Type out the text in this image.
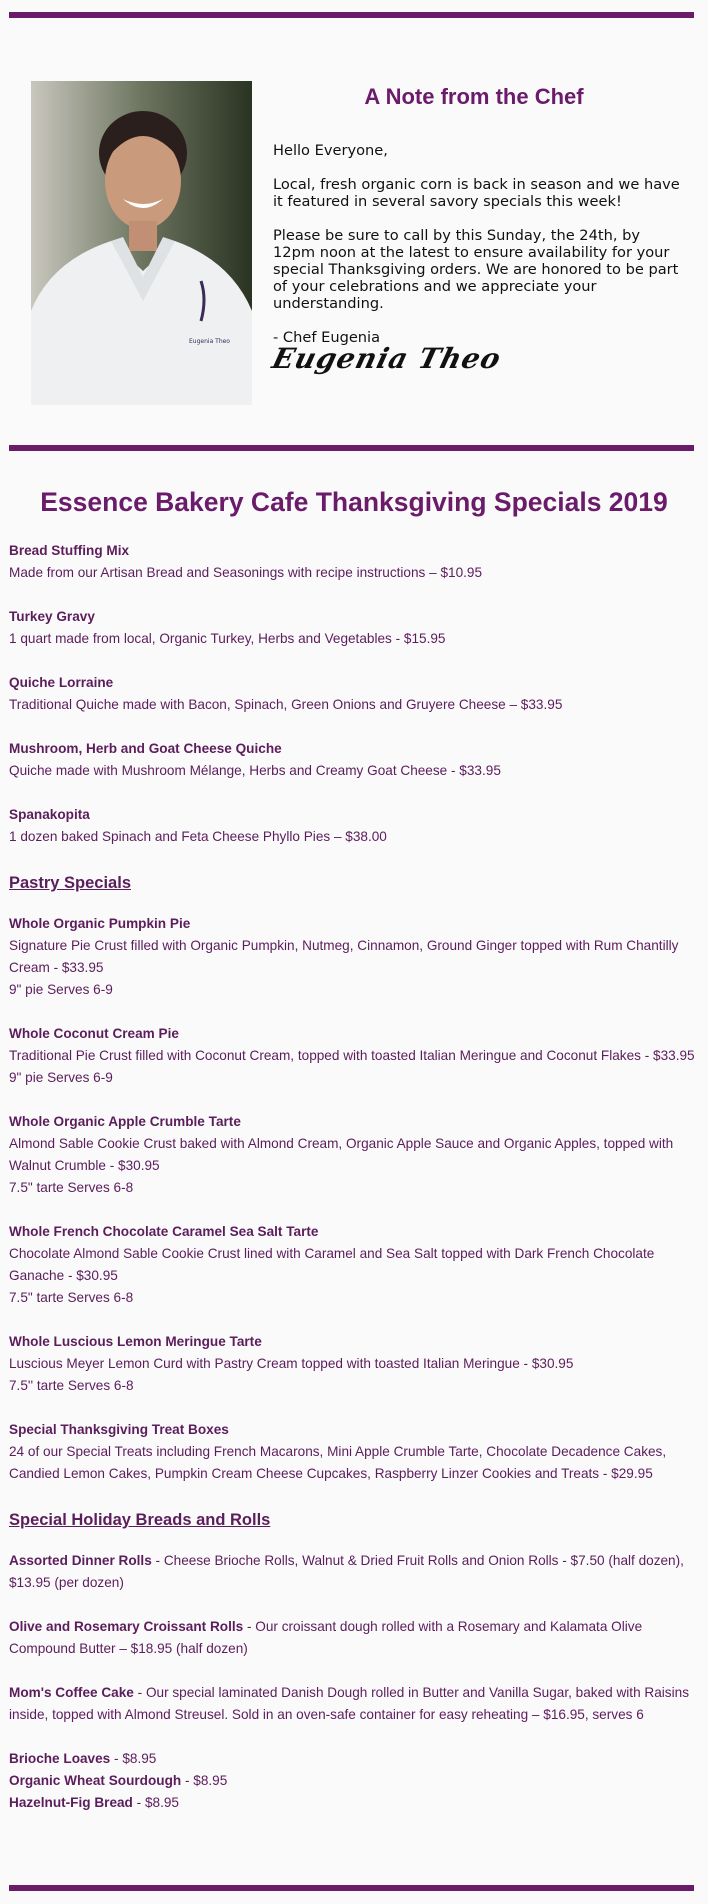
Eugenia Theo
A Note from the Chef

Hello Everyone,

Local, fresh organic corn is back in season and we have it featured in several savory specials this week!

Please be sure to call by this Sunday, the 24th, by 12pm noon at the latest to ensure availability for your special Thanksgiving orders. We are honored to be part of your celebrations and we appreciate your understanding.

- Chef Eugenia

Eugenia Theo
Essence Bakery Cafe Thanksgiving Specials 2019
Bread Stuffing Mix
Made from our Artisan Bread and Seasonings with recipe instructions – $10.95
Turkey Gravy
1 quart made from local, Organic Turkey, Herbs and Vegetables - $15.95
Quiche Lorraine
Traditional Quiche made with Bacon, Spinach, Green Onions and Gruyere Cheese – $33.95
Mushroom, Herb and Goat Cheese Quiche
Quiche made with Mushroom Mélange, Herbs and Creamy Goat Cheese - $33.95
Spanakopita
1 dozen baked Spinach and Feta Cheese Phyllo Pies – $38.00
Pastry Specials
Whole Organic Pumpkin Pie
Signature Pie Crust filled with Organic Pumpkin, Nutmeg, Cinnamon, Ground Ginger topped with Rum Chantilly Cream - $33.95
9" pie Serves 6-9
Whole Coconut Cream Pie
Traditional Pie Crust filled with Coconut Cream, topped with toasted Italian Meringue and Coconut Flakes - $33.95
9" pie Serves 6-9
Whole Organic Apple Crumble Tarte
Almond Sable Cookie Crust baked with Almond Cream, Organic Apple Sauce and Organic Apples, topped with Walnut Crumble - $30.95
7.5" tarte Serves 6-8
Whole French Chocolate Caramel Sea Salt Tarte
Chocolate Almond Sable Cookie Crust lined with Caramel and Sea Salt topped with Dark French Chocolate Ganache - $30.95
7.5" tarte Serves 6-8
Whole Luscious Lemon Meringue Tarte
Luscious Meyer Lemon Curd with Pastry Cream topped with toasted Italian Meringue - $30.95
7.5'' tarte Serves 6-8
Special Thanksgiving Treat Boxes
24 of our Special Treats including French Macarons, Mini Apple Crumble Tarte, Chocolate Decadence Cakes, Candied Lemon Cakes, Pumpkin Cream Cheese Cupcakes, Raspberry Linzer Cookies and Treats - $29.95
Special Holiday Breads and Rolls
Assorted Dinner Rolls - Cheese Brioche Rolls, Walnut & Dried Fruit Rolls and Onion Rolls - $7.50 (half dozen), $13.95 (per dozen)
Olive and Rosemary Croissant Rolls - Our croissant dough rolled with a Rosemary and Kalamata Olive Compound Butter – $18.95 (half dozen)
Mom's Coffee Cake - Our special laminated Danish Dough rolled in Butter and Vanilla Sugar, baked with Raisins inside, topped with Almond Streusel. Sold in an oven-safe container for easy reheating – $16.95, serves 6
Brioche Loaves - $8.95
Organic Wheat Sourdough - $8.95
Hazelnut-Fig Bread - $8.95
